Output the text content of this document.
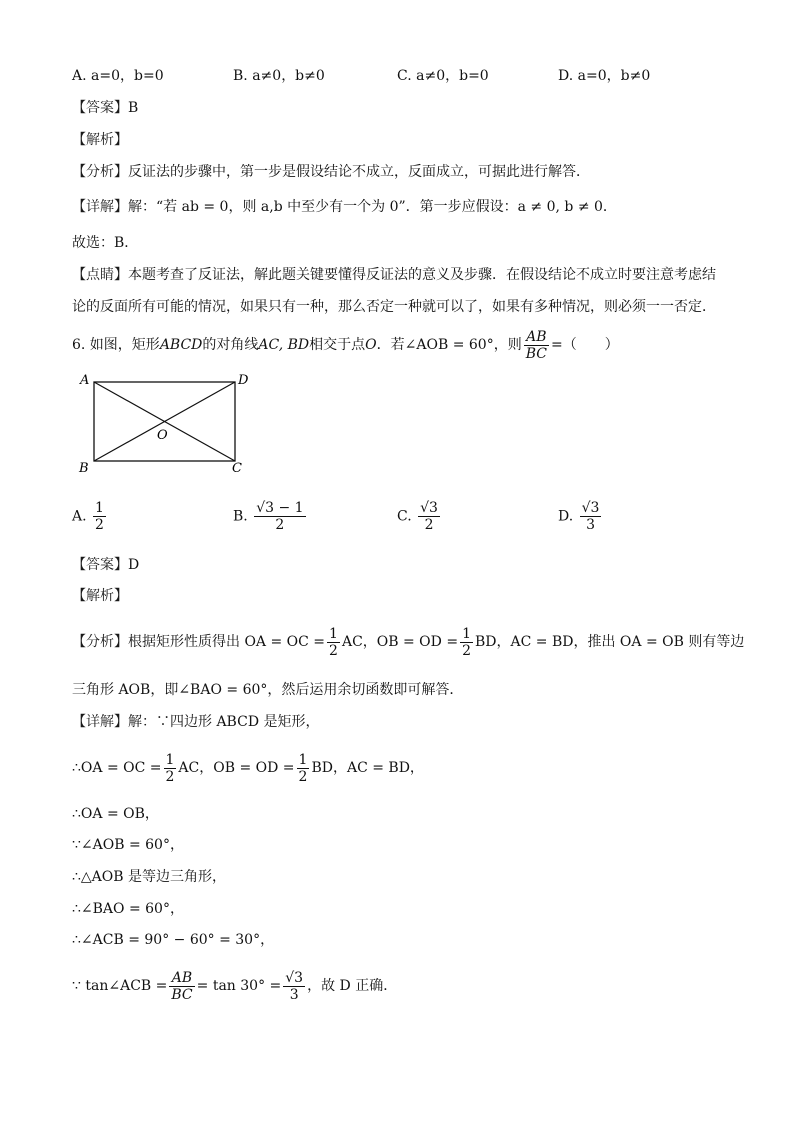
A. a=0，b=0	B. a≠0，b≠0	C. a≠0，b=0	D. a=0，b≠0
【答案】B
【解析】
【分析】反证法的步骤中，第一步是假设结论不成立，反面成立，可据此进行解答．
【详解】解：“若 ab = 0，则 a,b 中至少有一个为 0”．第一步应假设：a ≠ 0, b ≠ 0．
故选：B．
【点睛】本题考查了反证法，解此题关键要懂得反证法的意义及步骤．在假设结论不成立时要注意考虑结
论的反面所有可能的情况，如果只有一种，那么否定一种就可以了，如果有多种情况，则必须一一否定．
6. 如图，矩形ABCD的对角线AC, BD相交于点O．若∠AOB = 60°，则 $\frac{AB}{BC}$ =（　　）
A	D
B	C
O
A. $\frac{1}{2}$	B. $\frac{√3 - 1}{2}$	C. $\frac{√3}{2}$	D. $\frac{√3}{3}$
【答案】D
【解析】
【分析】根据矩形性质得出 OA = OC = $\frac{1}{2}$ AC，OB = OD = $\frac{1}{2}$ BD，AC = BD，推出 OA = OB 则有等边
三角形 AOB，即∠BAO = 60°，然后运用余切函数即可解答．
【详解】解：∵四边形 ABCD 是矩形，
∴OA = OC = $\frac{1}{2}$ AC，OB = OD = $\frac{1}{2}$ BD，AC = BD，
∴OA = OB，
∵∠AOB = 60°，
∴△AOB 是等边三角形，
∴∠BAO = 60°，
∴∠ACB = 90° − 60° = 30°，
∵ tan∠ACB = $\frac{AB}{BC} = \tan 30^\circ = \frac{√3}{3}$ ，故 D 正确．
